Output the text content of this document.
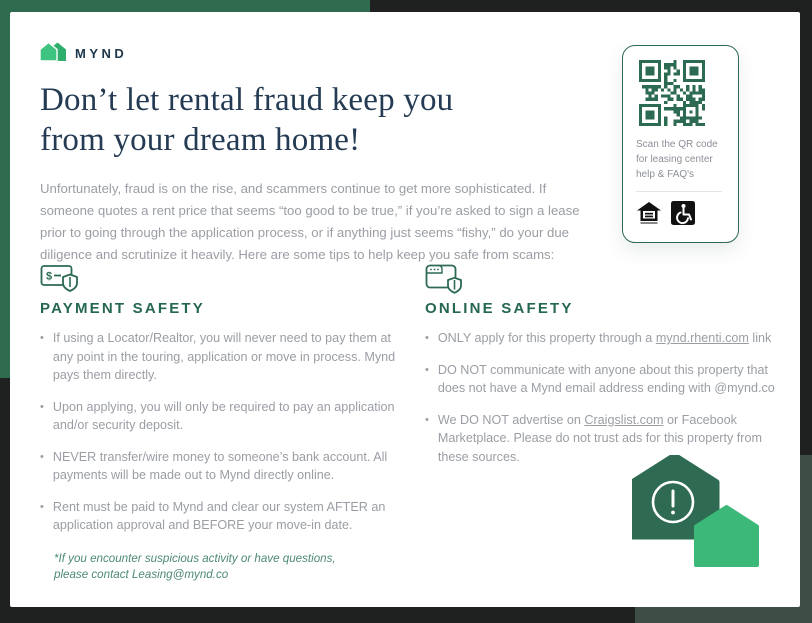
MYND
Don’t let rental fraud keep you
from your dream home!

Unfortunately, fraud is on the rise, and scammers continue to get more sophisticated. If someone quotes a rent price that seems “too good to be true,” if you’re asked to sign a lease prior to going through the application process, or if anything just seems “fishy,” do your due diligence and scrutinize it heavily. Here are some tips to help keep you safe from scams:

$
PAYMENT SAFETY
• If using a Locator/Realtor, you will never need to pay them at any point in the touring, application or move in process. Mynd pays them directly.
• Upon applying, you will only be required to pay an application and/or security deposit.
• NEVER transfer/wire money to someone’s bank account. All payments will be made out to Mynd directly online.
• Rent must be paid to Mynd and clear our system AFTER an application approval and BEFORE your move-in date.
*If you encounter suspicious activity or have questions,
please contact Leasing@mynd.co
ONLINE SAFETY
• ONLY apply for this property through a mynd.rhenti.com link
• DO NOT communicate with anyone about this property that does not have a Mynd email address ending with @mynd.co
• We DO NOT advertise on Craigslist.com or Facebook Marketplace. Please do not trust ads for this property from these sources.
Scan the QR code for leasing center help & FAQ's
